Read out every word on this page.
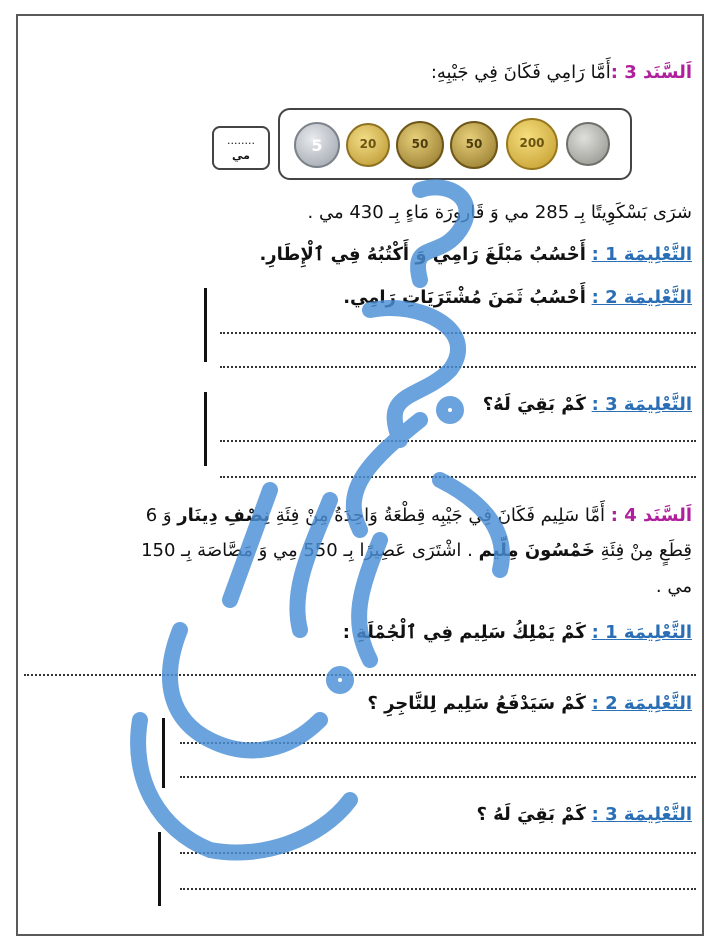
اَلسَّنَد 3 :أَمَّا رَامِي فَكَانَ فِي جَيْبِهِ:
........
مي
5	20	50	50	200
شرَى بَسْكَوِيتًا بِـ 285 مي وَ قَارورَة مَاءٍ بِـ 430 مي .
التَّعْلِيمَة 1 : أَحْسُبُ مَبْلَغَ رَامِي وَ أَكْتُبُهُ فِي ٱلْإِطَارِ.
التَّعْلِيمَة 2 : أَحْسُبُ ثَمَنَ مُشْتَرَيَاتِ رَامِي.
التَّعْلِيمَة 3 : كَمْ بَقِيَ لَهُ؟
اَلسَّنَد 4 : أَمَّا سَلِيم فَكَانَ فِي جَيْبِه قِطْعَةُ وَاحِدَةُ مِنْ فِئَةِ نِصْفِ دِينَار وَ 6
قِطَعٍ مِنْ فِئَةِ خَمْسُونَ مِلّيم . اشْتَرَى عَصِيرًا بِـ 550 مِي وَ مَصَّاصَة بِـ 150
مي .
التَّعْلِيمَة 1 : كَمْ يَمْلِكُ سَلِيم فِي ٱلْجُمْلَةِ :
التَّعْلِيمَة 2 : كَمْ سَيَدْفَعُ سَلِيم لِلتَّاجِرِ ؟
التَّعْلِيمَة 3 : كَمْ بَقِيَ لَهُ ؟
